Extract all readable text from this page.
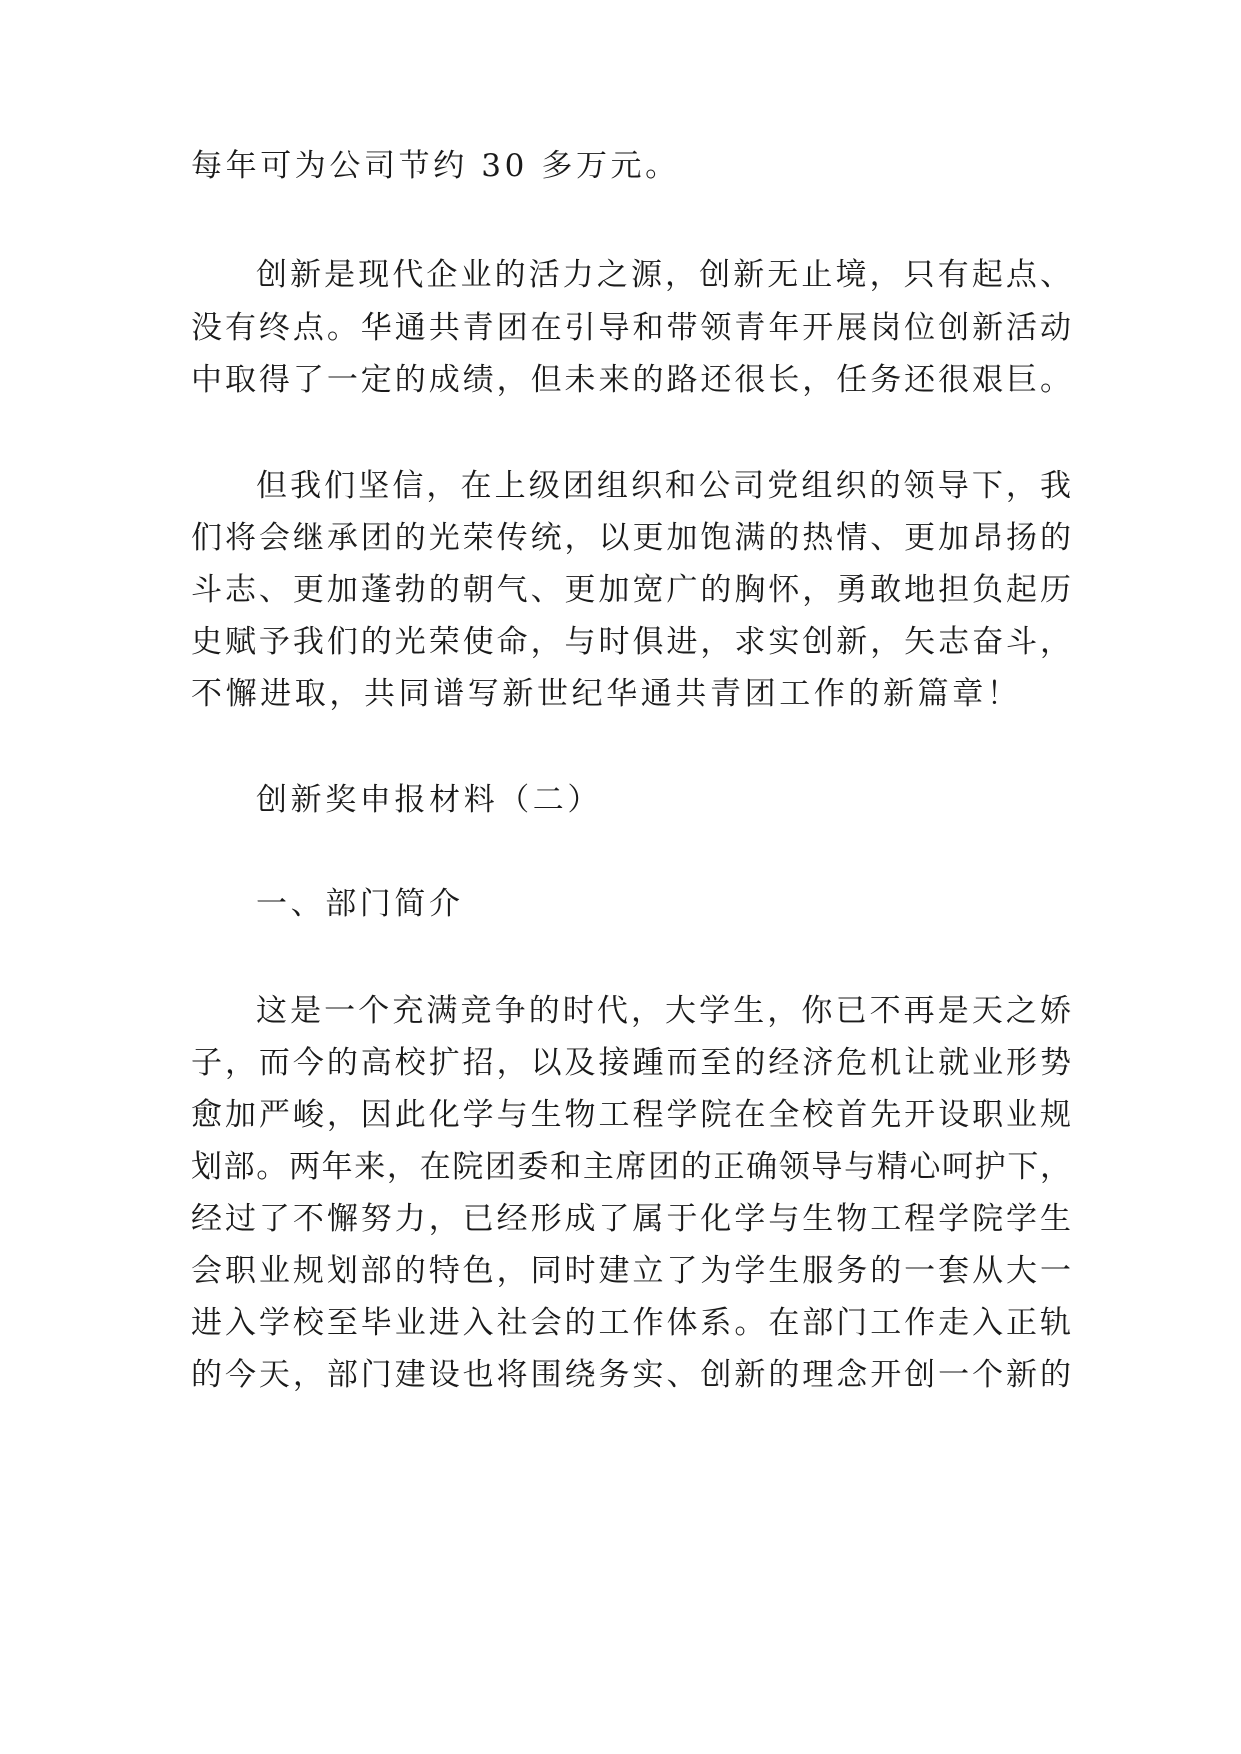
每年可为公司节约 30 多万元。
创新是现代企业的活力之源，创新无止境，只有起点、
没有终点。华通共青团在引导和带领青年开展岗位创新活动
中取得了一定的成绩，但未来的路还很长，任务还很艰巨。
但我们坚信，在上级团组织和公司党组织的领导下，我
们将会继承团的光荣传统，以更加饱满的热情、更加昂扬的
斗志、更加蓬勃的朝气、更加宽广的胸怀，勇敢地担负起历
史赋予我们的光荣使命，与时俱进，求实创新，矢志奋斗，
不懈进取，共同谱写新世纪华通共青团工作的新篇章！
创新奖申报材料（二）
一、部门简介
这是一个充满竞争的时代，大学生，你已不再是天之娇
子，而今的高校扩招，以及接踵而至的经济危机让就业形势
愈加严峻，因此化学与生物工程学院在全校首先开设职业规
划部。两年来，在院团委和主席团的正确领导与精心呵护下，
经过了不懈努力，已经形成了属于化学与生物工程学院学生
会职业规划部的特色，同时建立了为学生服务的一套从大一
进入学校至毕业进入社会的工作体系。在部门工作走入正轨
的今天，部门建设也将围绕务实、创新的理念开创一个新的
